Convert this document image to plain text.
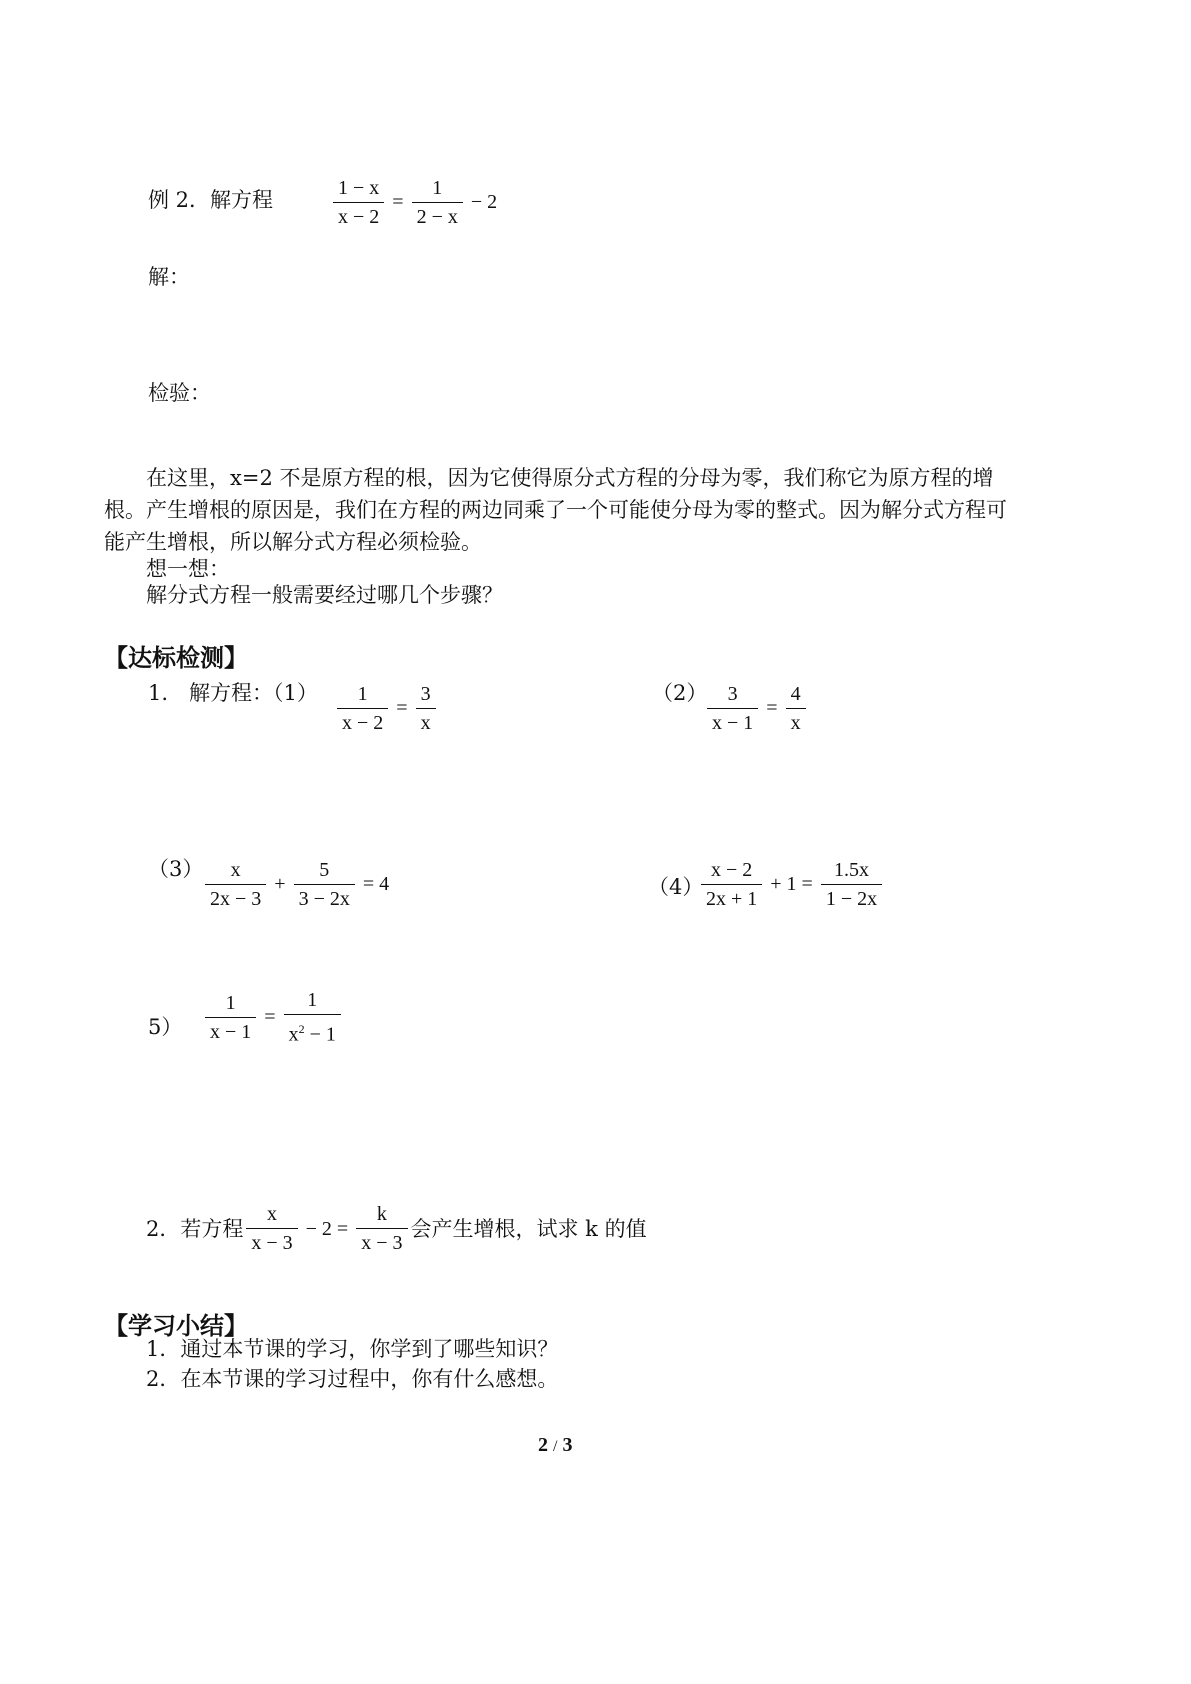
例 2．解方程	$\frac{1 - x}{x - 2} = \frac{1}{2 - x} - 2$
解：
检验：
在这里，x=2 不是原方程的根，因为它使得原分式方程的分母为零，我们称它为原方程的增根。产生增根的原因是，我们在方程的两边同乘了一个可能使分母为零的整式。因为解分式方程可能产生增根，所以解分式方程必须检验。
想一想：
解分式方程一般需要经过哪几个步骤？
【达标检测】
1.　解方程：$(1) \frac{1}{x - 2} = \frac{3}{x}$	$(2) \frac{3}{x - 1} = \frac{4}{x}$
$(3) \frac{x}{2x - 3} + \frac{5}{3 - 2x} = 4$	（4）
$\frac{x - 2}{2x + 1} + 1 = \frac{1.5x}{1 - 2x}$
$5) \frac{1}{x - 1} = \frac{1}{x^2 - 1}$
2．若方程 $\frac{x}{x - 3} - 2 = \frac{k}{x - 3}$ 会产生增根，试求 k 的值
【学习小结】
1．通过本节课的学习，你学到了哪些知识？
2．在本节课的学习过程中，你有什么感想。
2 / 3
